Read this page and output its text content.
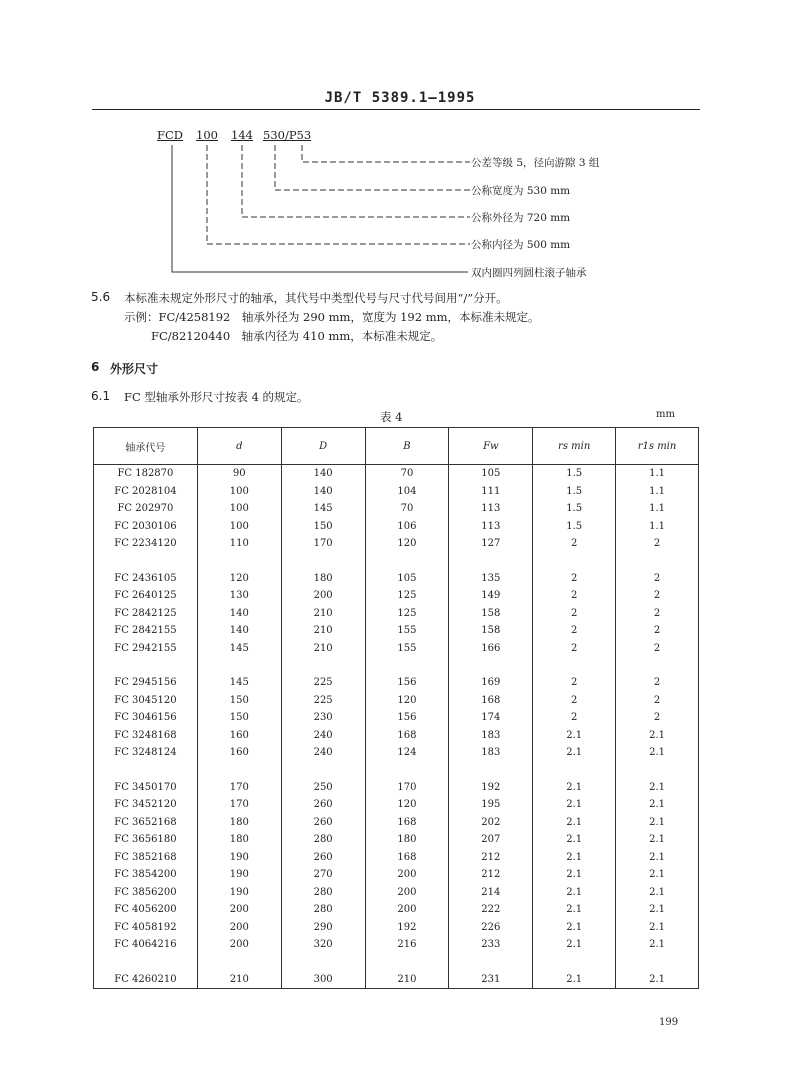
JB/T 5389.1—1995
FCD 100 144 530/P53
公差等级 5，径向游隙 3 组
公称宽度为 530 mm
公称外径为 720 mm
公称内径为 500 mm
双内圈四列圆柱滚子轴承
5.6 本标准未规定外形尺寸的轴承，其代号中类型代号与尺寸代号间用“/”分开。
示例：FC/4258192　轴承外径为 290 mm，宽度为 192 mm，本标准未规定。
FC/82120440　轴承内径为 410 mm，本标准未规定。
6 外形尺寸
6.1 FC 型轴承外形尺寸按表 4 的规定。
表 4	mm
轴承代号	d	D	B	Fw	rs min	r1s min
FC 182870	90	140	70	105	1.5	1.1
FC 2028104	100	140	104	111	1.5	1.1
FC 202970	100	145	70	113	1.5	1.1
FC 2030106	100	150	106	113	1.5	1.1
FC 2234120	110	170	120	127	2	2

FC 2436105	120	180	105	135	2	2
FC 2640125	130	200	125	149	2	2
FC 2842125	140	210	125	158	2	2
FC 2842155	140	210	155	158	2	2
FC 2942155	145	210	155	166	2	2

FC 2945156	145	225	156	169	2	2
FC 3045120	150	225	120	168	2	2
FC 3046156	150	230	156	174	2	2
FC 3248168	160	240	168	183	2.1	2.1
FC 3248124	160	240	124	183	2.1	2.1

FC 3450170	170	250	170	192	2.1	2.1
FC 3452120	170	260	120	195	2.1	2.1
FC 3652168	180	260	168	202	2.1	2.1
FC 3656180	180	280	180	207	2.1	2.1
FC 3852168	190	260	168	212	2.1	2.1
FC 3854200	190	270	200	212	2.1	2.1
FC 3856200	190	280	200	214	2.1	2.1
FC 4056200	200	280	200	222	2.1	2.1
FC 4058192	200	290	192	226	2.1	2.1
FC 4064216	200	320	216	233	2.1	2.1

FC 4260210	210	300	210	231	2.1	2.1
199
